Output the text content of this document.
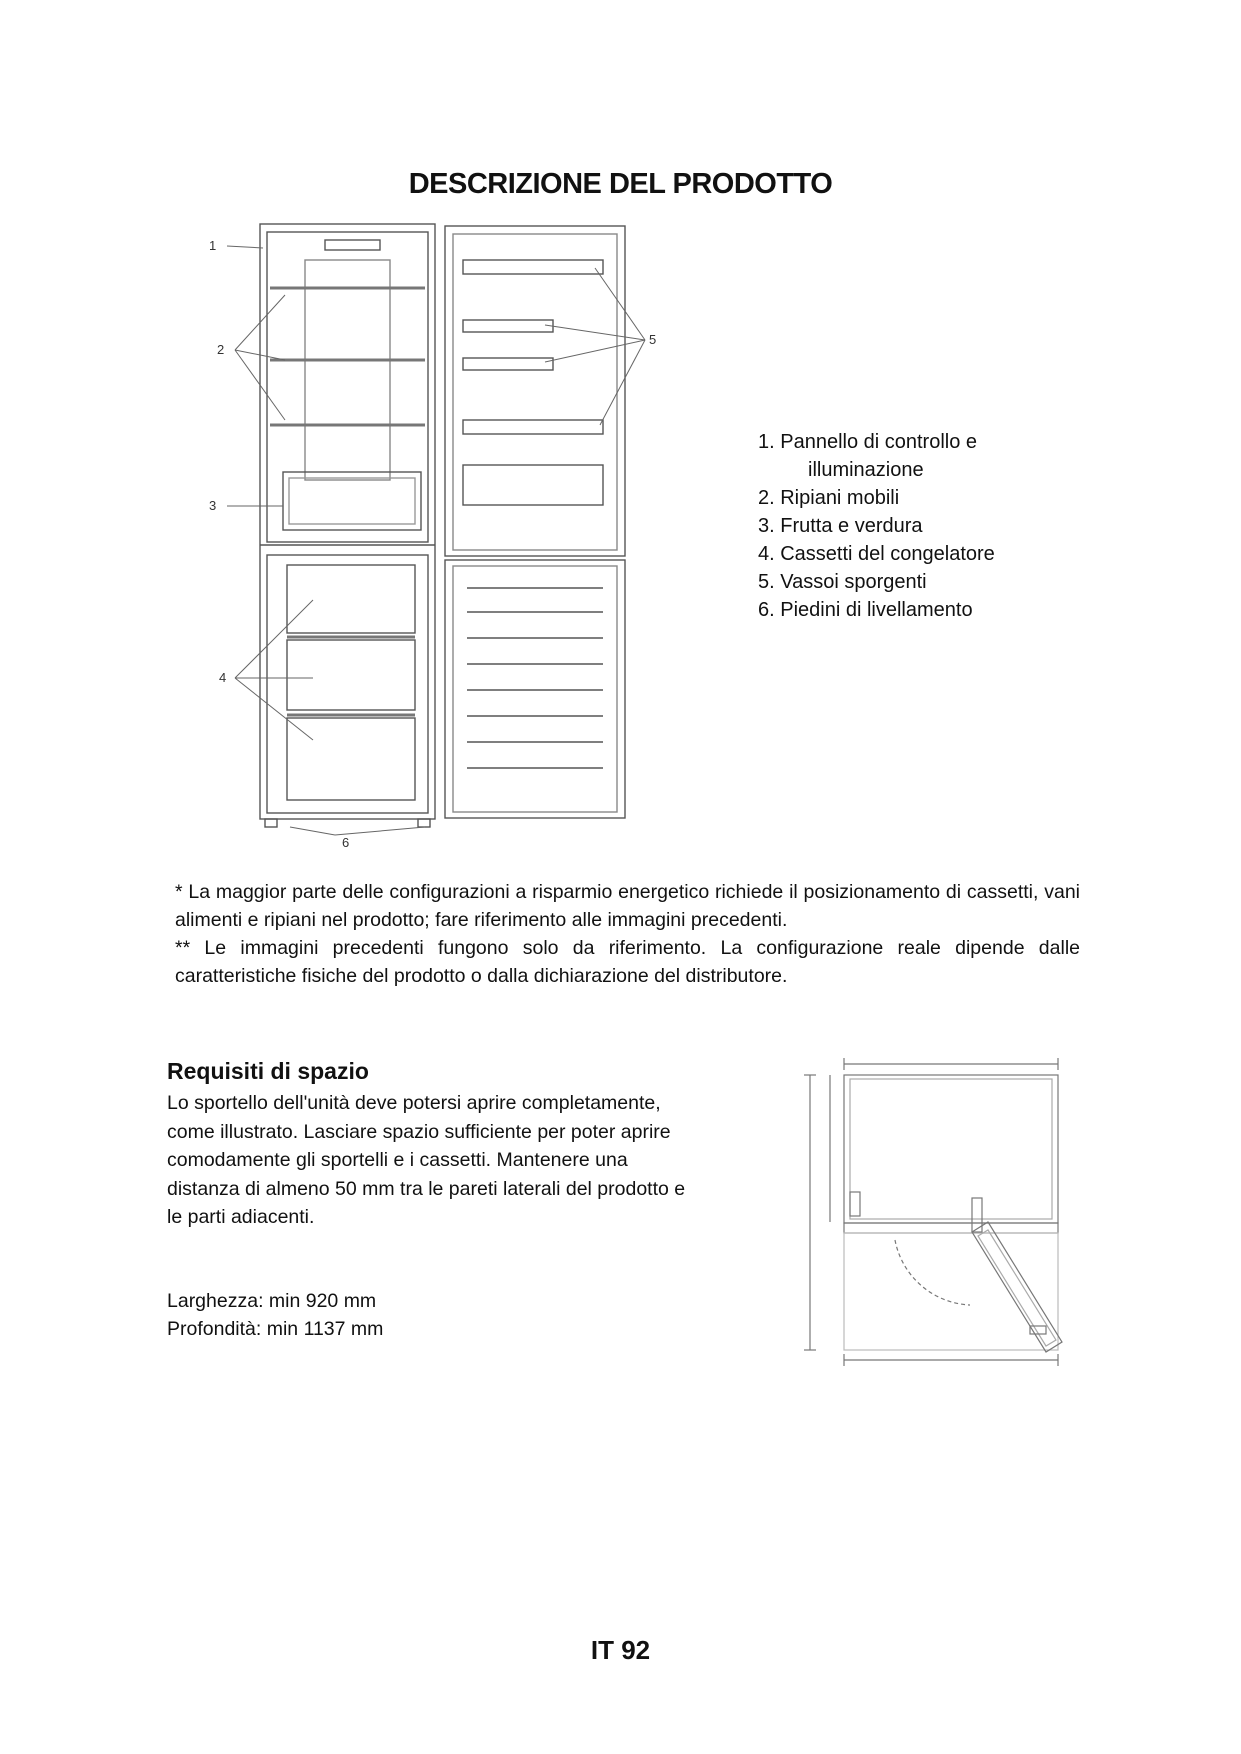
DESCRIZIONE DEL PRODOTTO
1
2
3
4
5
6
1. Pannello di controllo e
illuminazione
2. Ripiani mobili
3. Frutta e verdura
4. Cassetti del congelatore
5. Vassoi sporgenti
6. Piedini di livellamento

* La maggior parte delle configurazioni a risparmio energetico richiede il posizionamento di cassetti, vani alimenti e ripiani nel prodotto; fare riferimento alle immagini precedenti.

** Le immagini precedenti fungono solo da riferimento. La configurazione reale dipende dalle caratteristiche fisiche del prodotto o dalla dichiarazione del distributore.

Requisiti di spazio
Lo sportello dell'unità deve potersi aprire completamente, come illustrato. Lasciare spazio sufficiente per poter aprire comodamente gli sportelli e i cassetti. Mantenere una distanza di almeno 50 mm tra le pareti laterali del prodotto e le parti adiacenti.
Larghezza: min 920 mm
Profondità: min 1137 mm
IT 92
